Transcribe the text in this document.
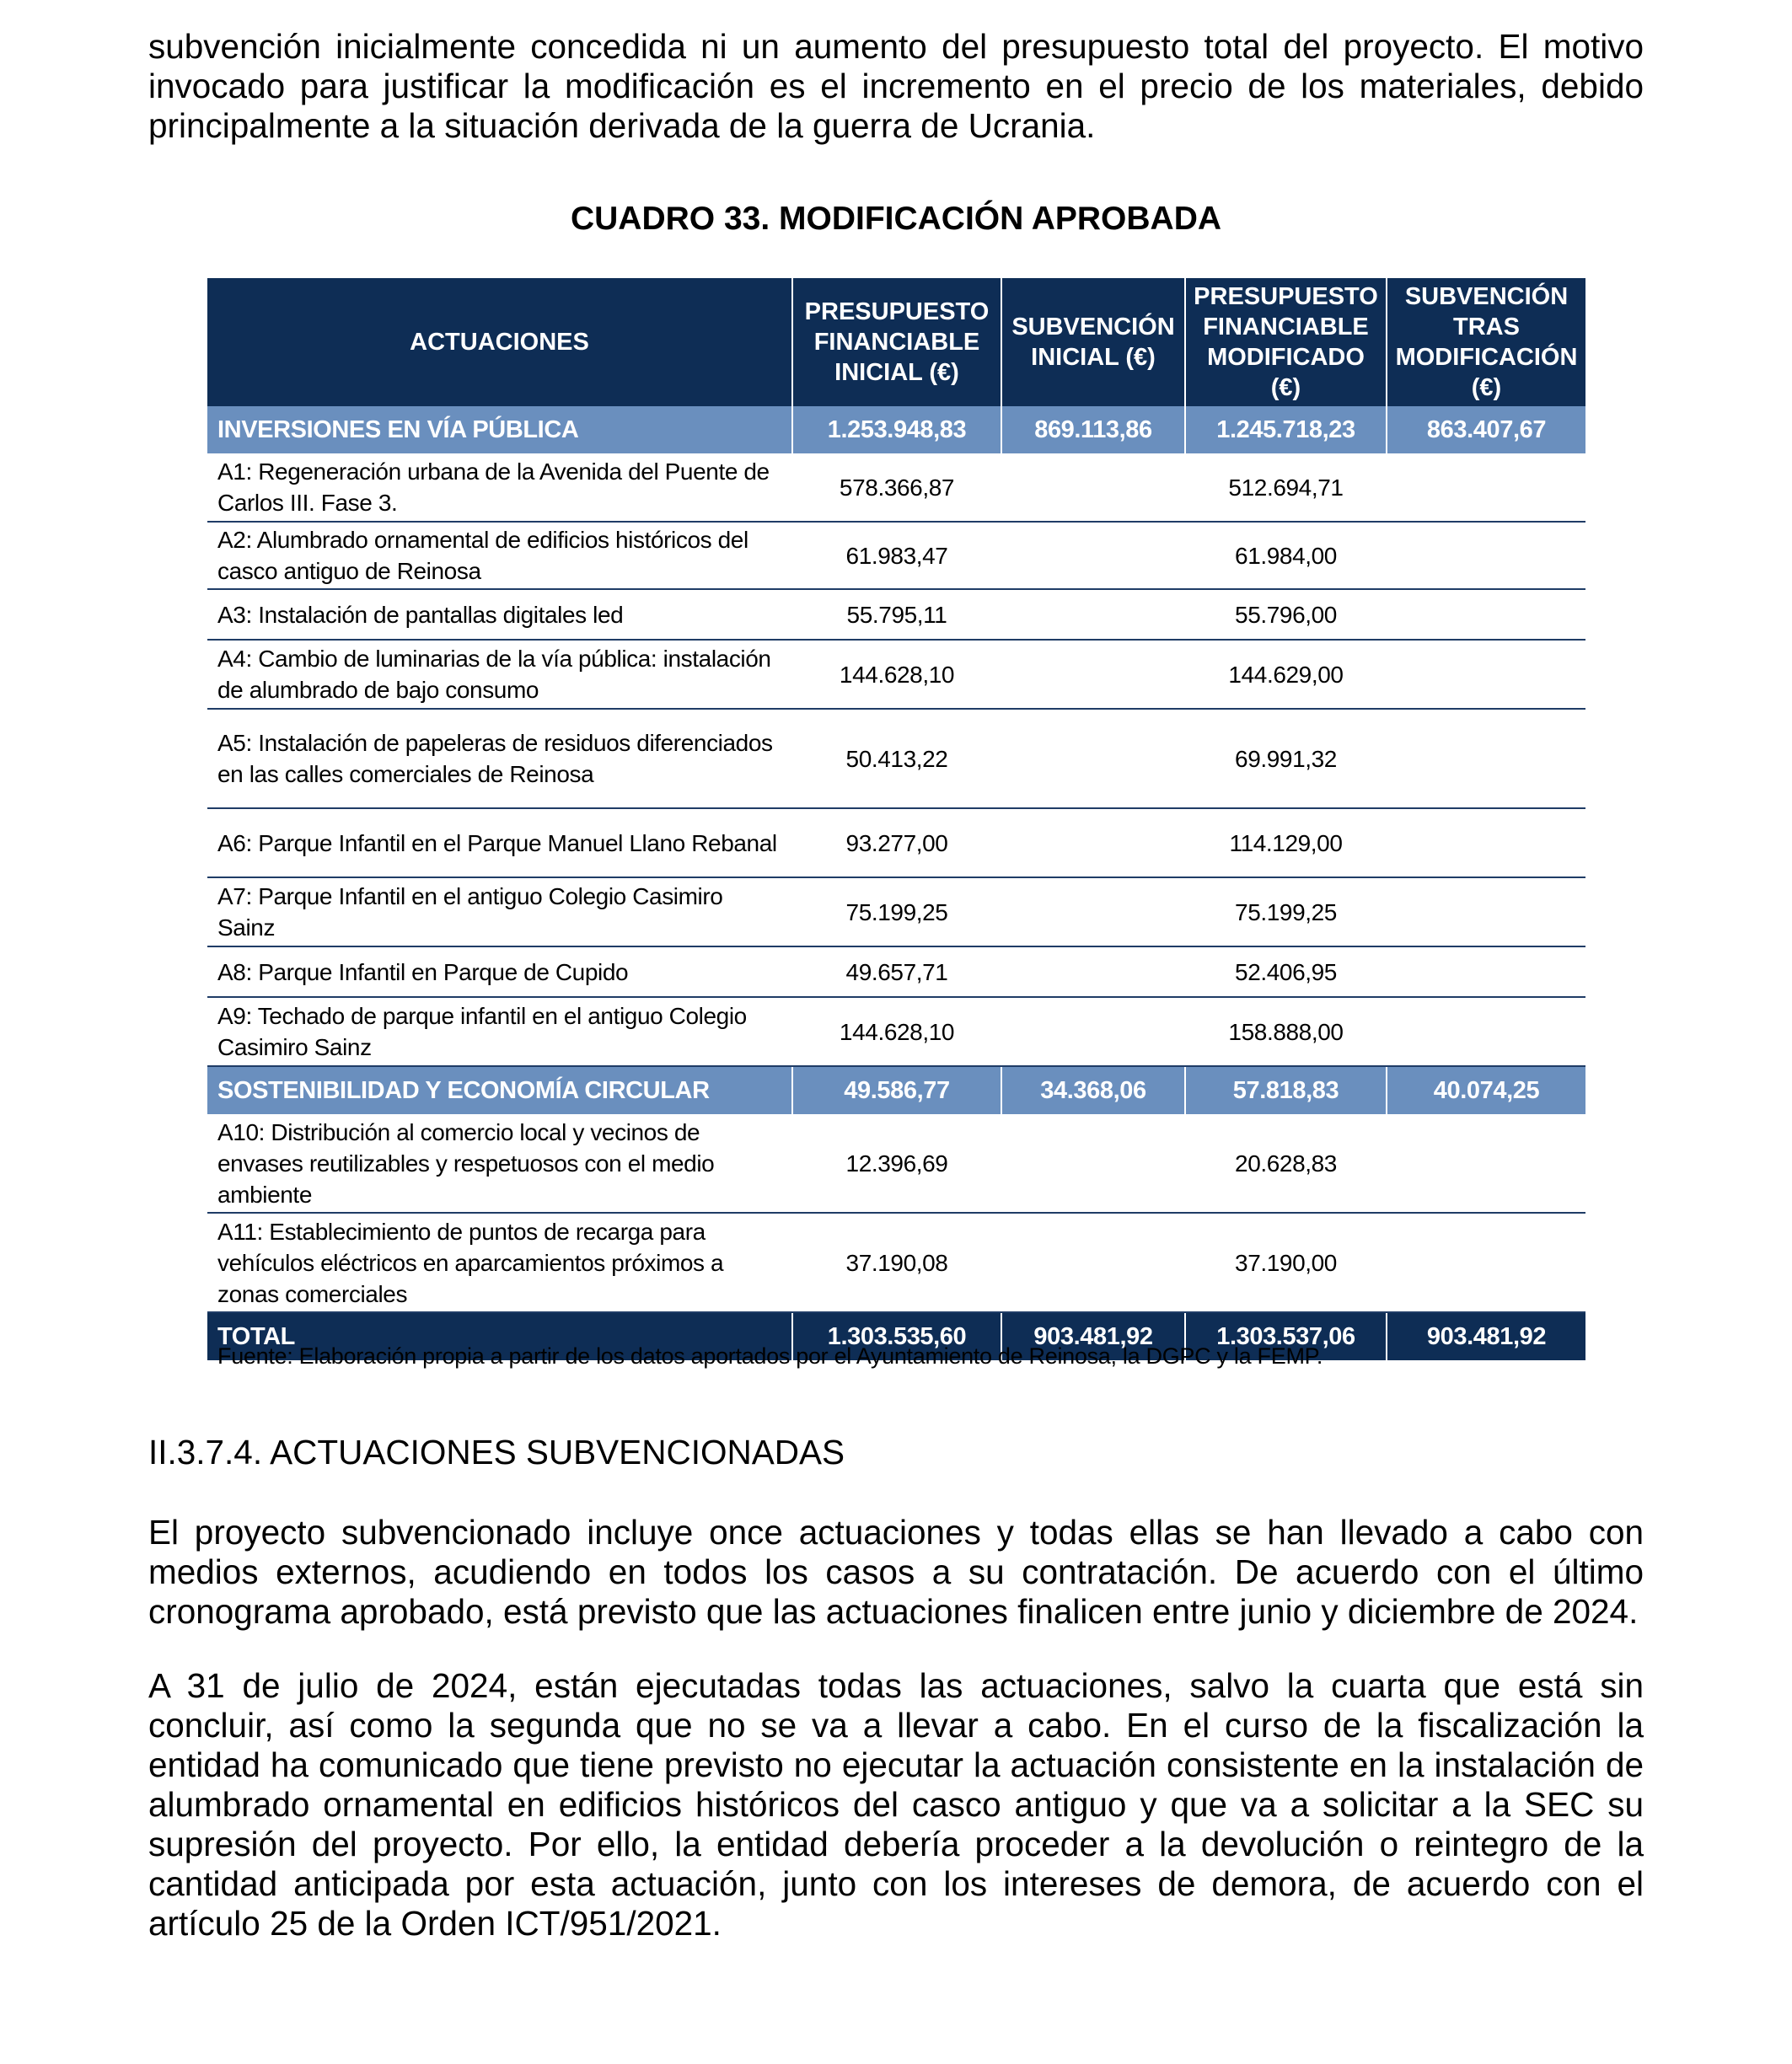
subvención inicialmente concedida ni un aumento del presupuesto total del proyecto. El motivo invocado para justificar la modificación es el incremento en el precio de los materiales, debido principalmente a la situación derivada de la guerra de Ucrania.

CUADRO 33. MODIFICACIÓN APROBADA
ACTUACIONES	PRESUPUESTO FINANCIABLE INICIAL (€)	SUBVENCIÓN INICIAL (€)	PRESUPUESTO FINANCIABLE MODIFICADO (€)	SUBVENCIÓN TRAS MODIFICACIÓN (€)
INVERSIONES EN VÍA PÚBLICA	1.253.948,83	869.113,86	1.245.718,23	863.407,67
A1: Regeneración urbana de la Avenida del Puente de Carlos III. Fase 3.	578.366,87		512.694,71	
A2: Alumbrado ornamental de edificios históricos del casco antiguo de Reinosa	61.983,47		61.984,00	
A3: Instalación de pantallas digitales led	55.795,11		55.796,00	
A4: Cambio de luminarias de la vía pública: instalación de alumbrado de bajo consumo	144.628,10		144.629,00	
A5: Instalación de papeleras de residuos diferenciados en las calles comerciales de Reinosa	50.413,22		69.991,32	
A6: Parque Infantil en el Parque Manuel Llano Rebanal	93.277,00		114.129,00	
A7: Parque Infantil en el antiguo Colegio Casimiro Sainz	75.199,25		75.199,25	
A8: Parque Infantil en Parque de Cupido	49.657,71		52.406,95	
A9: Techado de parque infantil en el antiguo Colegio Casimiro Sainz	144.628,10		158.888,00	
SOSTENIBILIDAD Y ECONOMÍA CIRCULAR	49.586,77	34.368,06	57.818,83	40.074,25
A10: Distribución al comercio local y vecinos de envases reutilizables y respetuosos con el medio ambiente	12.396,69		20.628,83	
A11: Establecimiento de puntos de recarga para vehículos eléctricos en aparcamientos próximos a zonas comerciales	37.190,08		37.190,00	
TOTAL	1.303.535,60	903.481,92	1.303.537,06	903.481,92

Fuente: Elaboración propia a partir de los datos aportados por el Ayuntamiento de Reinosa, la DGPC y la FEMP.

II.3.7.4. ACTUACIONES SUBVENCIONADAS

El proyecto subvencionado incluye once actuaciones y todas ellas se han llevado a cabo con medios externos, acudiendo en todos los casos a su contratación. De acuerdo con el último cronograma aprobado, está previsto que las actuaciones finalicen entre junio y diciembre de 2024.

A 31 de julio de 2024, están ejecutadas todas las actuaciones, salvo la cuarta que está sin concluir, así como la segunda que no se va a llevar a cabo. En el curso de la fiscalización la entidad ha comunicado que tiene previsto no ejecutar la actuación consistente en la instalación de alumbrado ornamental en edificios históricos del casco antiguo y que va a solicitar a la SEC su supresión del proyecto. Por ello, la entidad debería proceder a la devolución o reintegro de la cantidad anticipada por esta actuación, junto con los intereses de demora, de acuerdo con el artículo 25 de la Orden ICT/951/2021.
